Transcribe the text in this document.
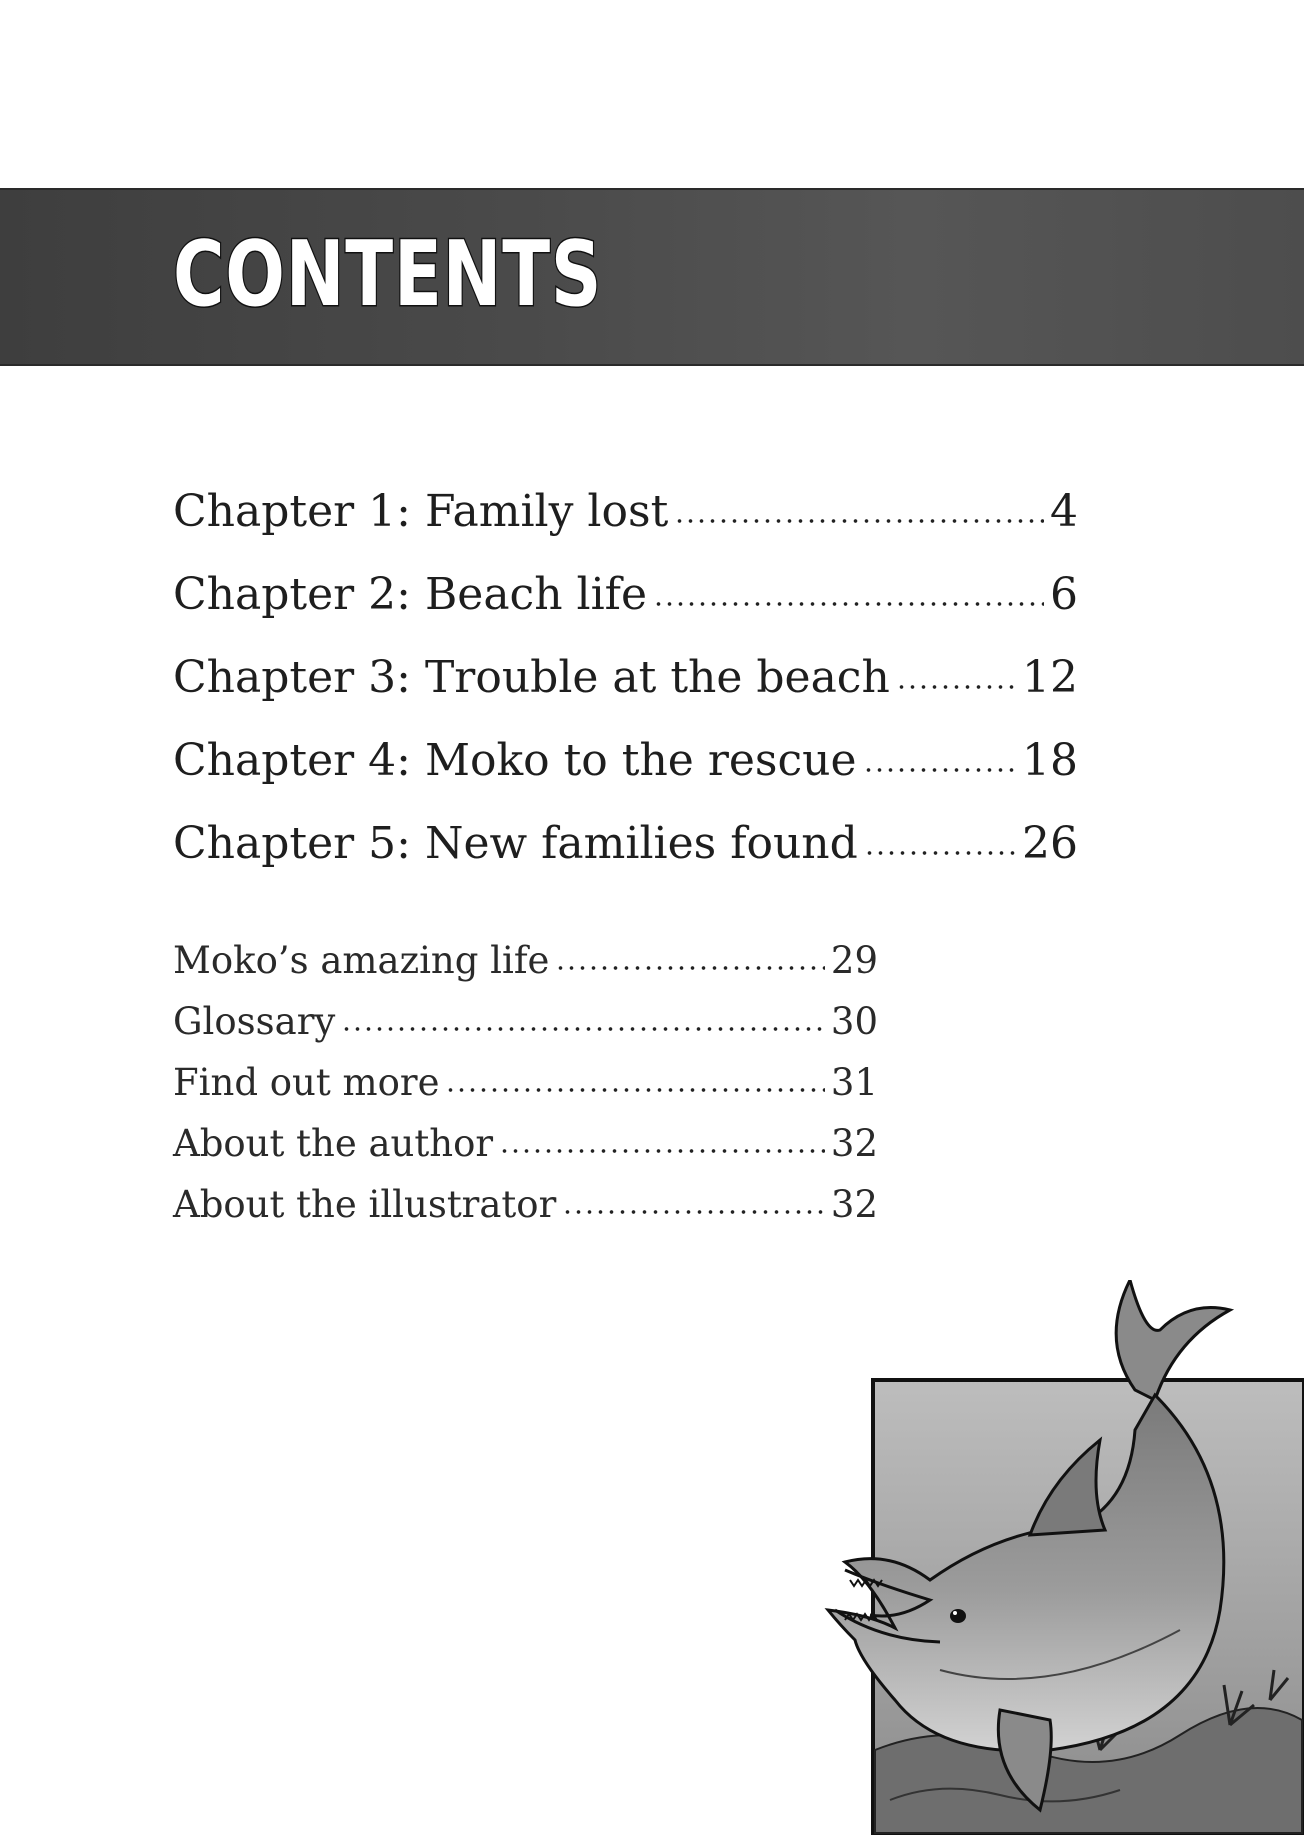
CONTENTS
Chapter 1: Family lost	4
Chapter 2: Beach life	6
Chapter 3: Trouble at the beach	12
Chapter 4: Moko to the rescue	18
Chapter 5: New families found	26
Moko’s amazing life	29
Glossary	30
Find out more	31
About the author	32
About the illustrator	32
